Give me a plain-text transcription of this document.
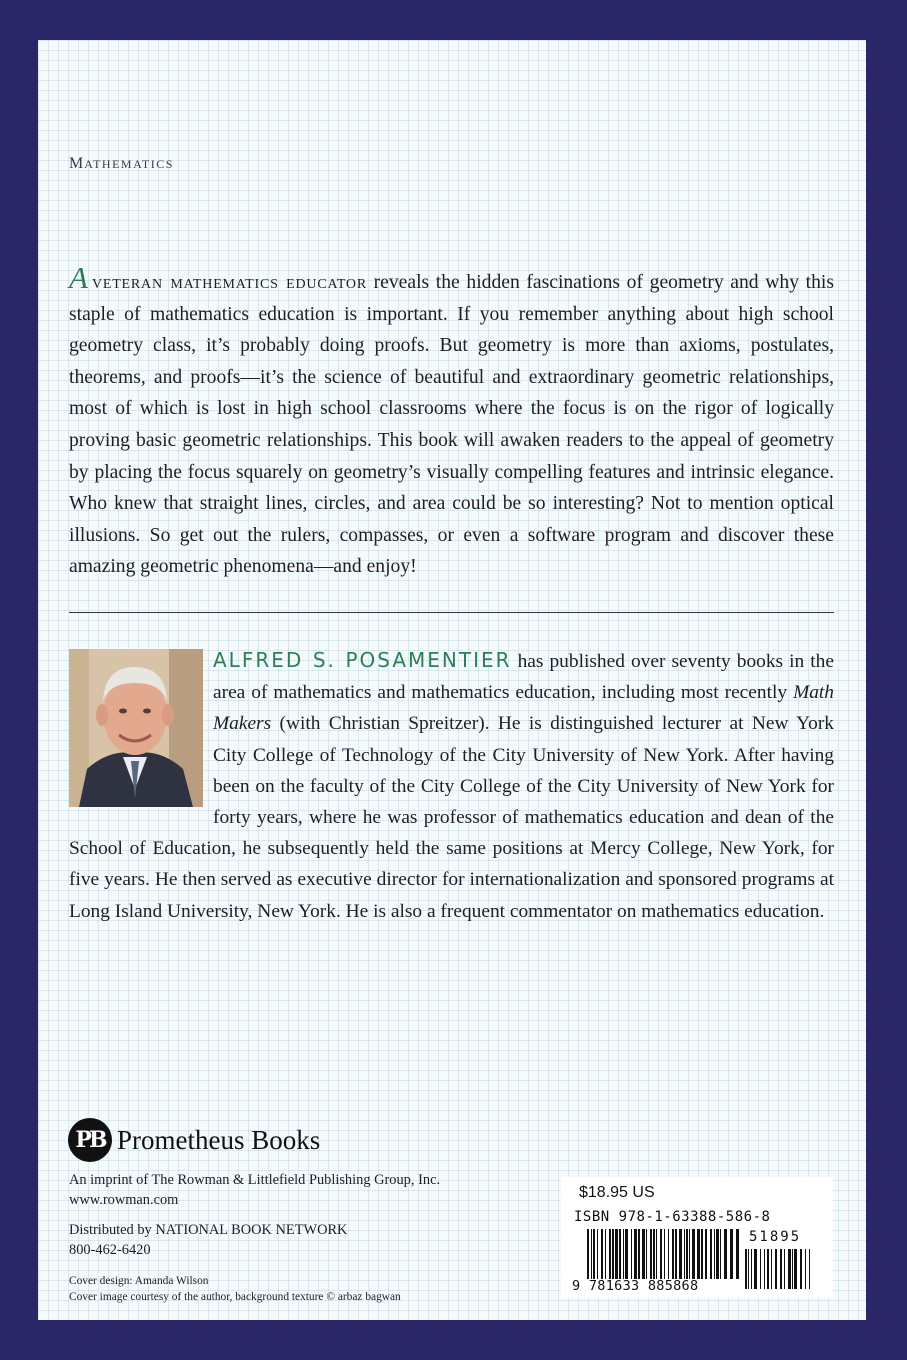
MATHEMATICS
Aveteran mathematics educator reveals the hidden fascinations of geometry and why this staple of mathematics education is important. If you remember anything about high school geometry class, it’s probably doing proofs. But geometry is more than axioms, postulates, theorems, and proofs—it’s the science of beautiful and extraordinary geometric relationships, most of which is lost in high school classrooms where the focus is on the rigor of logically proving basic geometric relationships. This book will awaken readers to the appeal of geometry by placing the focus squarely on geometry’s visually compelling features and intrinsic elegance. Who knew that straight lines, circles, and area could be so interesting? Not to mention optical illusions. So get out the rulers, compasses, or even a software program and discover these amazing geometric phenomena—and enjoy!

ALFRED S. POSAMENTIER has published over seventy books in the area of mathematics and mathematics education, including most recently Math Makers (with Christian Spreitzer). He is distinguished lecturer at New York City College of Technology of the City University of New York. After having been on the faculty of the City College of the City University of New York for forty years, where he was professor of mathematics education and dean of the School of Education, he subsequently held the same positions at Mercy College, New York, for five years. He then served as executive director for internationalization and sponsored programs at Long Island University, New York. He is also a frequent commentator on mathematics education.

PB Prometheus Books
An imprint of The Rowman & Littlefield Publishing Group, Inc.
www.rowman.com
Distributed by NATIONAL BOOK NETWORK
800-462-6420
Cover design: Amanda Wilson
Cover image courtesy of the author, background texture © arbaz bagwan
$18.95 US
ISBN 978-1-63388-586-8
51895
9 781633 885868
